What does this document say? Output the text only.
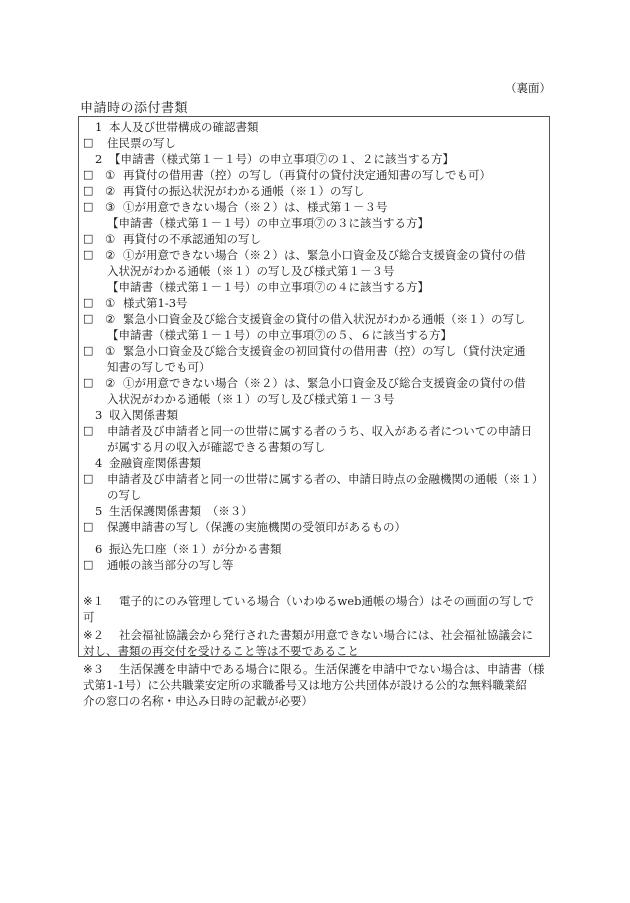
（裏面）
申請時の添付書類
1 本人及び世帯構成の確認書類
□	住民票の写し
2 【申請書（様式第１－１号）の申立事項⑦の１、２に該当する方】
□	① 再貸付の借用書（控）の写し（再貸付の貸付決定通知書の写しでも可）
□	② 再貸付の振込状況がわかる通帳（※１）の写し
□	③ ①が用意できない場合（※２）は、様式第１－３号
【申請書（様式第１－１号）の申立事項⑦の３に該当する方】
□	① 再貸付の不承認通知の写し
□	② ①が用意できない場合（※２）は、緊急小口資金及び総合支援資金の貸付の借
入状況がわかる通帳（※１）の写し及び様式第１－３号
【申請書（様式第１－１号）の申立事項⑦の４に該当する方】
□	① 様式第1-3号
□	② 緊急小口資金及び総合支援資金の貸付の借入状況がわかる通帳（※１）の写し
【申請書（様式第１－１号）の申立事項⑦の５、６に該当する方】
□	① 緊急小口資金及び総合支援資金の初回貸付の借用書（控）の写し（貸付決定通
知書の写しでも可）
□	② ①が用意できない場合（※２）は、緊急小口資金及び総合支援資金の貸付の借
入状況がわかる通帳（※１）の写し及び様式第１－３号
3 収入関係書類
□	申請者及び申請者と同一の世帯に属する者のうち、収入がある者についての申請日
が属する月の収入が確認できる書類の写し
4 金融資産関係書類
□	申請者及び申請者と同一の世帯に属する者の、申請日時点の金融機関の通帳（※１）
の写し
5 生活保護関係書類　（※３）
□	保護申請書の写し（保護の実施機関の受領印があるもの）
6 振込先口座（※１）が分かる書類
□	通帳の該当部分の写し等
※１ 電子的にのみ管理している場合（いわゆるweb通帳の場合）はその画面の写しで可
※２ 社会福祉協議会から発行された書類が用意できない場合には、社会福祉協議会に
対し、書類の再交付を受けること等は不要であること
※３ 生活保護を申請中である場合に限る。生活保護を申請中でない場合は、申請書（様
式第1-1号）に公共職業安定所の求職番号又は地方公共団体が設ける公的な無料職業紹
介の窓口の名称・申込み日時の記載が必要）
